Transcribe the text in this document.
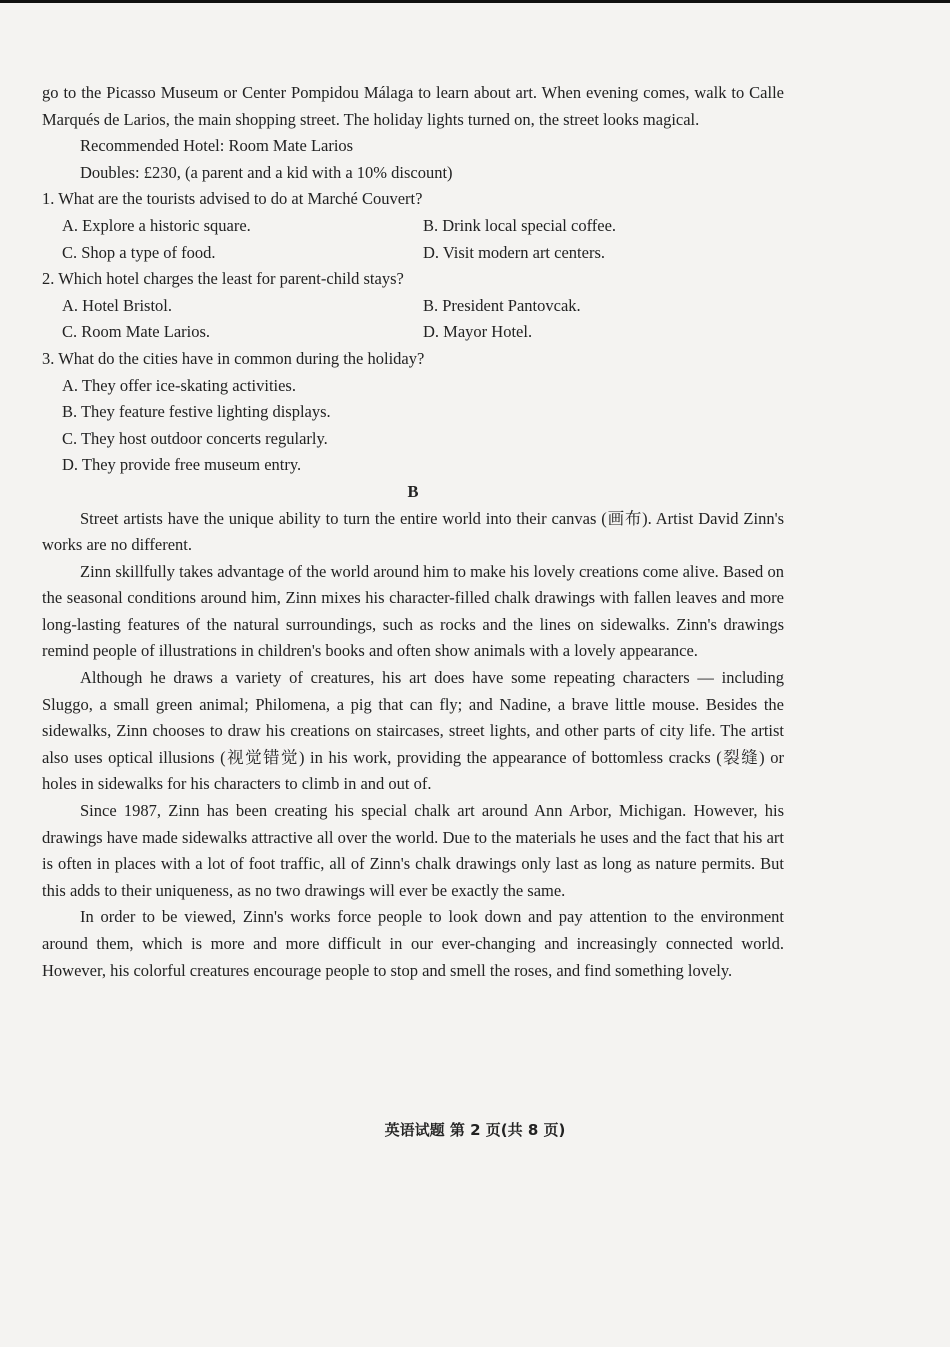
go to the Picasso Museum or Center Pompidou Málaga to learn about art. When evening comes, walk to Calle Marqués de Larios, the main shopping street. The holiday lights turned on, the street looks magical.

Recommended Hotel: Room Mate Larios

Doubles: £230, (a parent and a kid with a 10% discount)

1. What are the tourists advised to do at Marché Couvert?

A. Explore a historic square.	B. Drink local special coffee.
C. Shop a type of food.	D. Visit modern art centers.

2. Which hotel charges the least for parent-child stays?

A. Hotel Bristol.	B. President Pantovcak.
C. Room Mate Larios.	D. Mayor Hotel.

3. What do the cities have in common during the holiday?

A. They offer ice-skating activities.

B. They feature festive lighting displays.

C. They host outdoor concerts regularly.

D. They provide free museum entry.

B

Street artists have the unique ability to turn the entire world into their canvas (画布). Artist David Zinn's works are no different.

Zinn skillfully takes advantage of the world around him to make his lovely creations come alive. Based on the seasonal conditions around him, Zinn mixes his character-filled chalk drawings with fallen leaves and more long-lasting features of the natural surroundings, such as rocks and the lines on sidewalks. Zinn's drawings remind people of illustrations in children's books and often show animals with a lovely appearance.

Although he draws a variety of creatures, his art does have some repeating characters — including Sluggo, a small green animal; Philomena, a pig that can fly; and Nadine, a brave little mouse. Besides the sidewalks, Zinn chooses to draw his creations on staircases, street lights, and other parts of city life. The artist also uses optical illusions (视觉错觉) in his work, providing the appearance of bottomless cracks (裂缝) or holes in sidewalks for his characters to climb in and out of.

Since 1987, Zinn has been creating his special chalk art around Ann Arbor, Michigan. However, his drawings have made sidewalks attractive all over the world. Due to the materials he uses and the fact that his art is often in places with a lot of foot traffic, all of Zinn's chalk drawings only last as long as nature permits. But this adds to their uniqueness, as no two drawings will ever be exactly the same.

In order to be viewed, Zinn's works force people to look down and pay attention to the environment around them, which is more and more difficult in our ever-changing and increasingly connected world. However, his colorful creatures encourage people to stop and smell the roses, and find something lovely.

英语试题 第 2 页(共 8 页)
